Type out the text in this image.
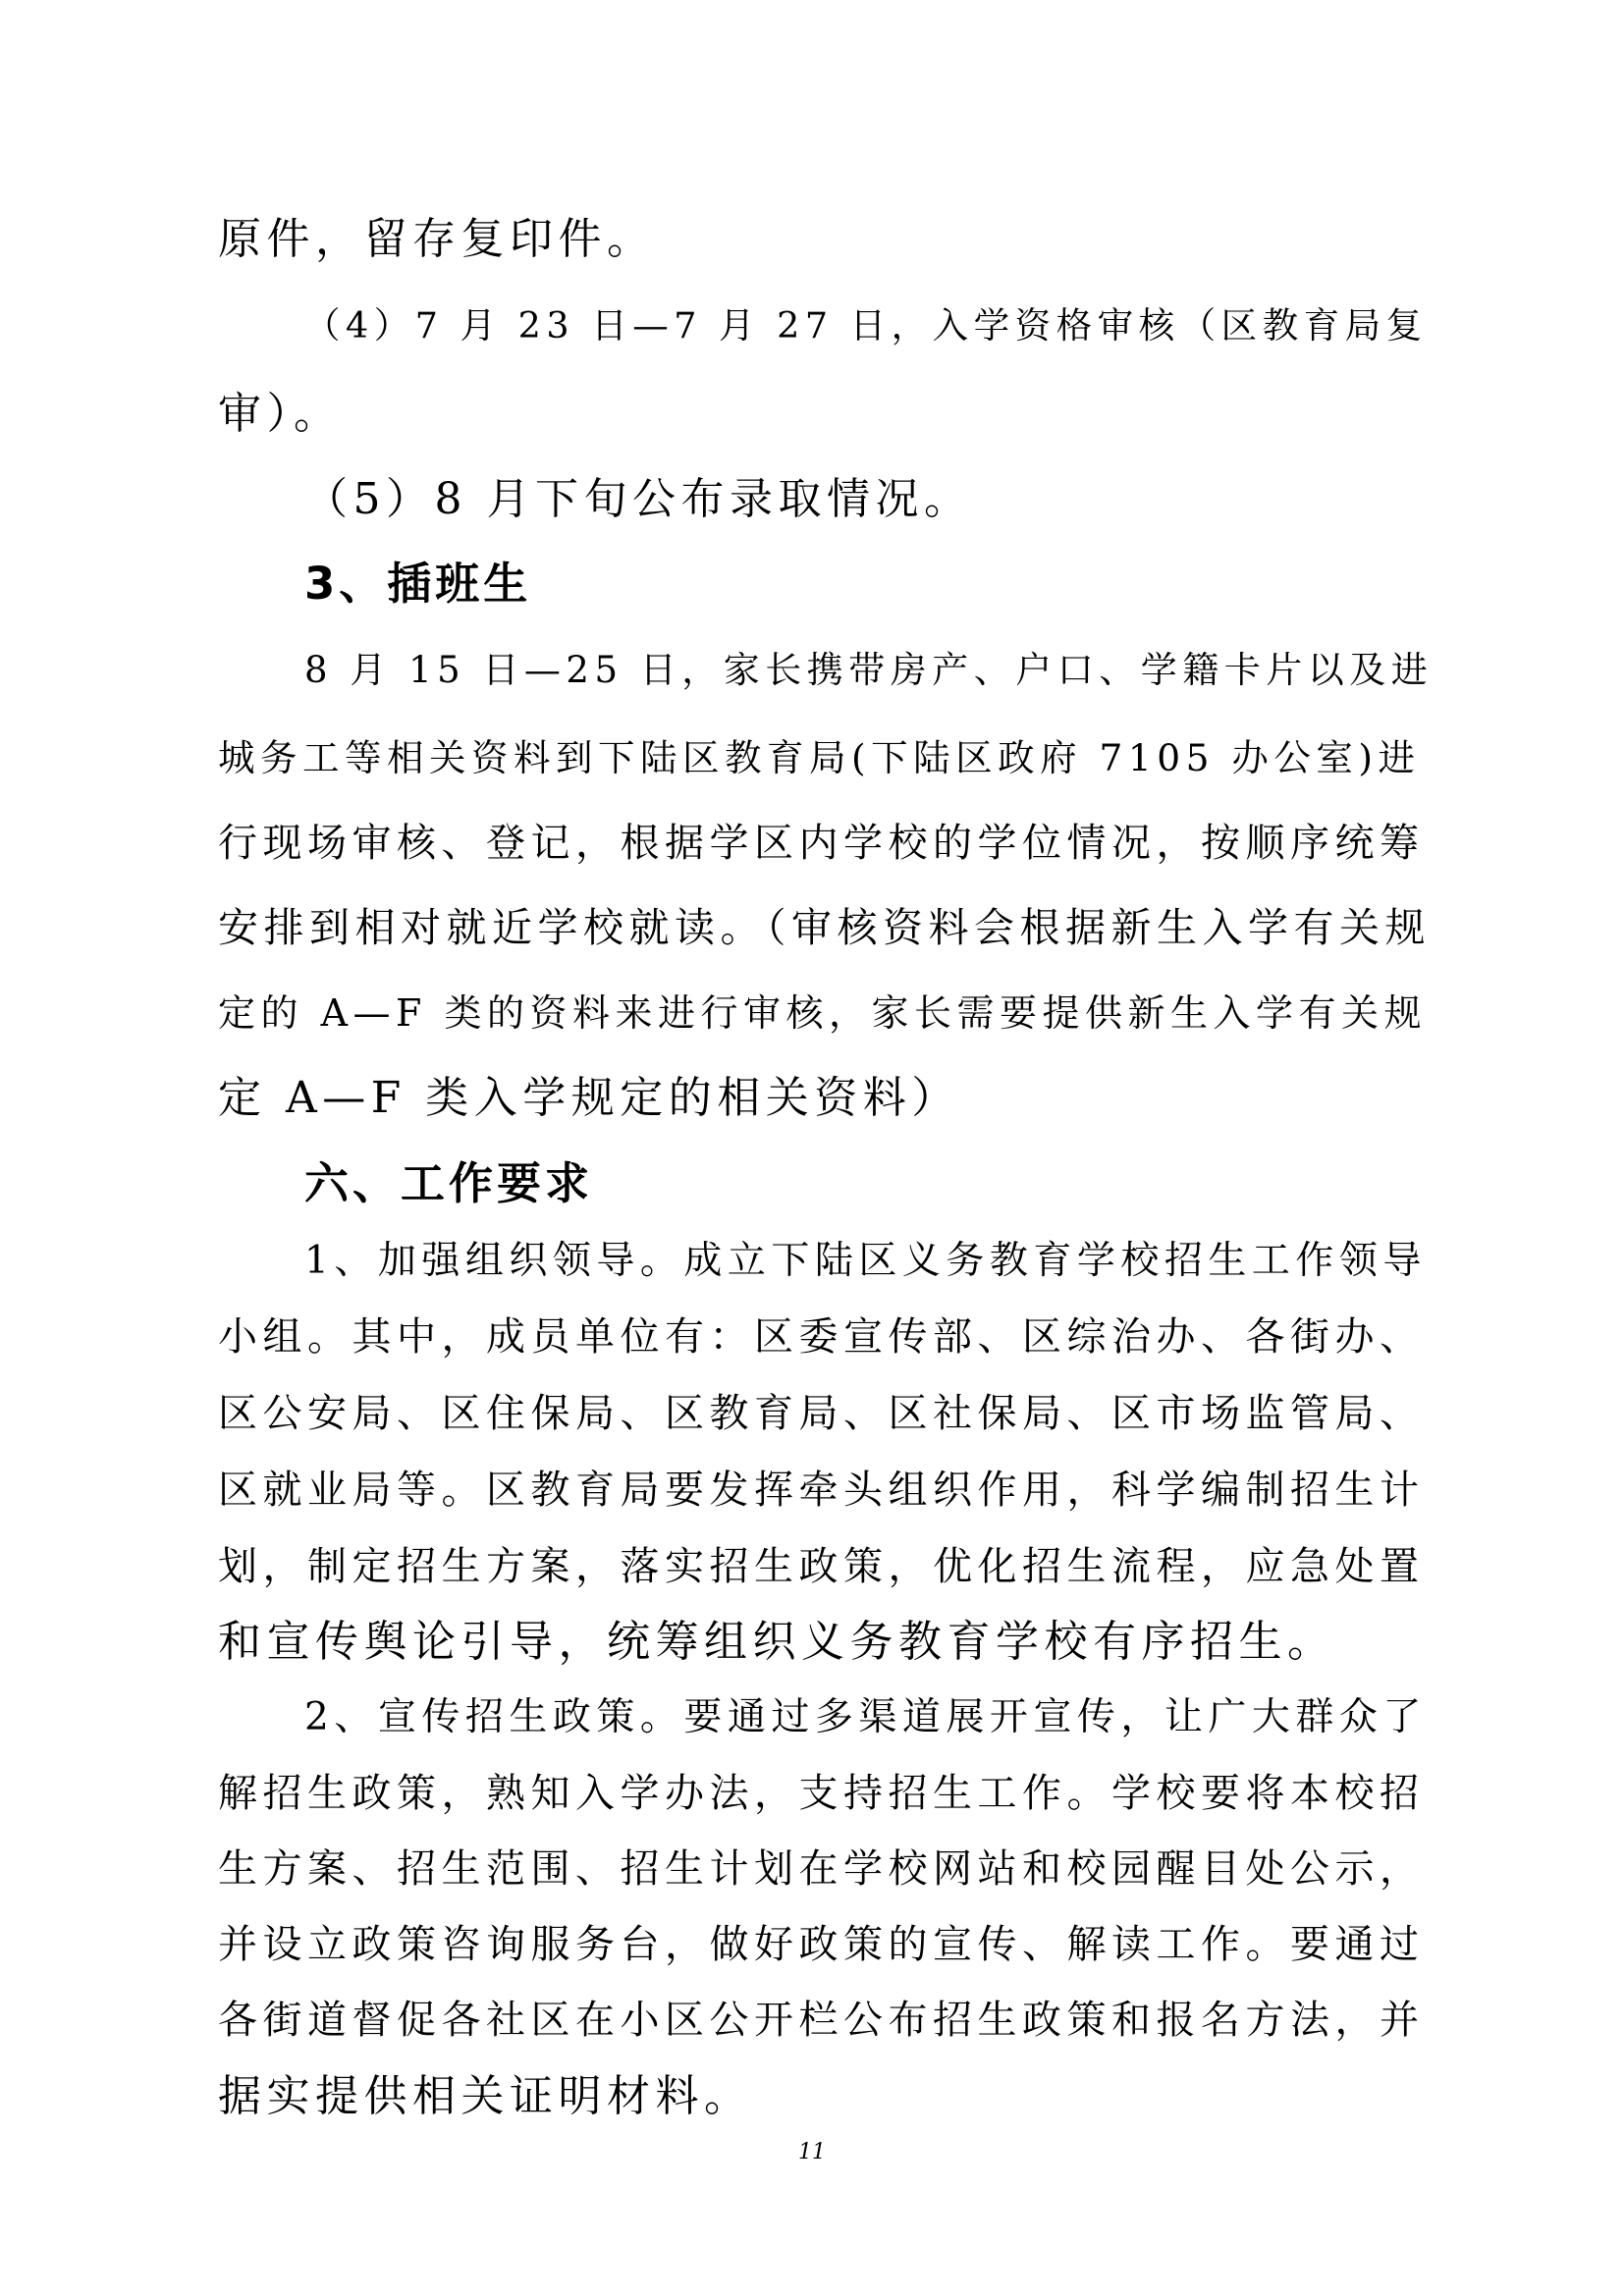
原件，留存复印件。
（4）7 月 23 日—7 月 27 日，入学资格审核（区教育局复
审）。
（5）8 月下旬公布录取情况。
3、插班生
8 月 15 日—25 日，家长携带房产、户口、学籍卡片以及进
城务工等相关资料到下陆区教育局(下陆区政府 7105 办公室)进
行现场审核、登记，根据学区内学校的学位情况，按顺序统筹
安排到相对就近学校就读。（审核资料会根据新生入学有关规
定的 A—F 类的资料来进行审核，家长需要提供新生入学有关规
定 A—F 类入学规定的相关资料）
六、工作要求
1、加强组织领导。成立下陆区义务教育学校招生工作领导
小组。其中，成员单位有：区委宣传部、区综治办、各街办、
区公安局、区住保局、区教育局、区社保局、区市场监管局、
区就业局等。区教育局要发挥牵头组织作用，科学编制招生计
划，制定招生方案，落实招生政策，优化招生流程，应急处置
和宣传舆论引导，统筹组织义务教育学校有序招生。
2、宣传招生政策。要通过多渠道展开宣传，让广大群众了
解招生政策，熟知入学办法，支持招生工作。学校要将本校招
生方案、招生范围、招生计划在学校网站和校园醒目处公示，
并设立政策咨询服务台，做好政策的宣传、解读工作。要通过
各街道督促各社区在小区公开栏公布招生政策和报名方法，并
据实提供相关证明材料。
11
